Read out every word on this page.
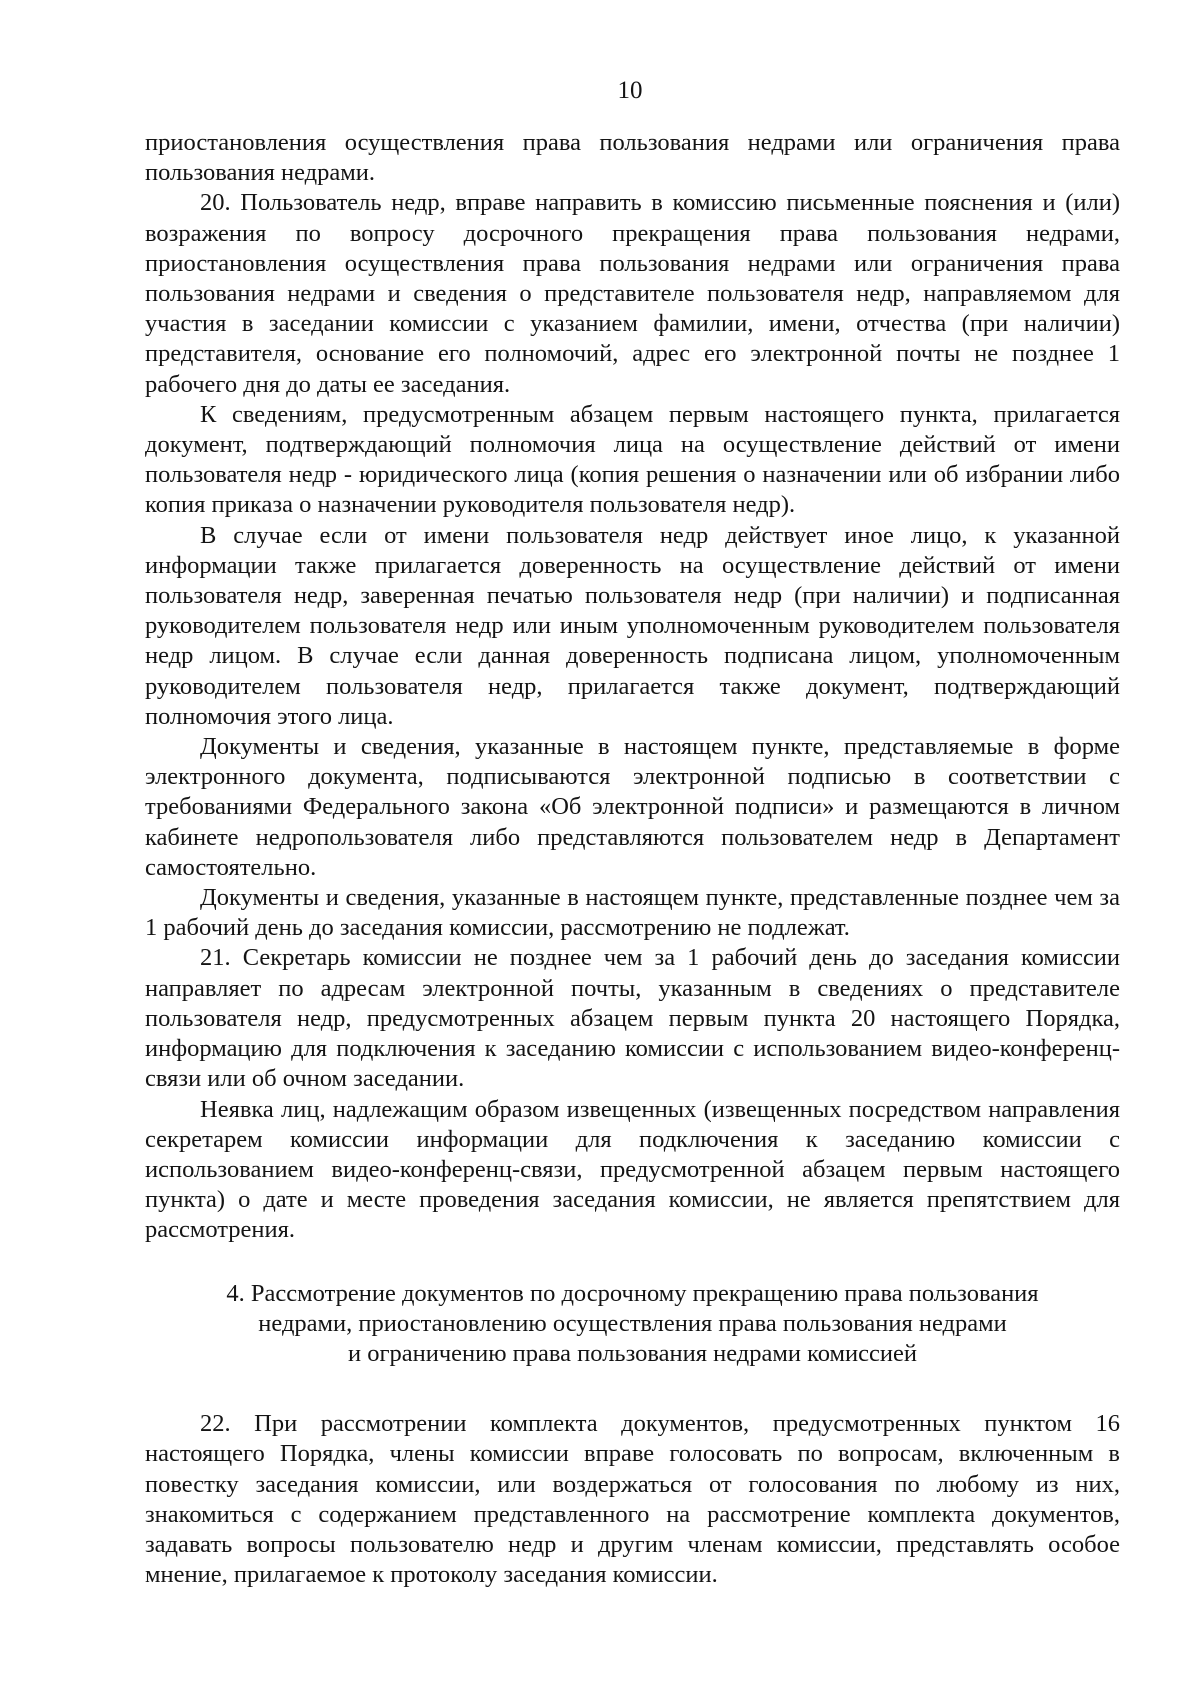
10

приостановления осуществления права пользования недрами или ограничения права пользования недрами.

20. Пользователь недр, вправе направить в комиссию письменные пояснения и (или) возражения по вопросу досрочного прекращения права пользования недрами, приостановления осуществления права пользования недрами или ограничения права пользования недрами и сведения о представителе пользователя недр, направляемом для участия в заседании комиссии с указанием фамилии, имени, отчества (при наличии) представителя, основание его полномочий, адрес его электронной почты не позднее 1 рабочего дня до даты ее заседания.

К сведениям, предусмотренным абзацем первым настоящего пункта, прилагается документ, подтверждающий полномочия лица на осуществление действий от имени пользователя недр - юридического лица (копия решения о назначении или об избрании либо копия приказа о назначении руководителя пользователя недр).

В случае если от имени пользователя недр действует иное лицо, к указанной информации также прилагается доверенность на осуществление действий от имени пользователя недр, заверенная печатью пользователя недр (при наличии) и подписанная руководителем пользователя недр или иным уполномоченным руководителем пользователя недр лицом. В случае если данная доверенность подписана лицом, уполномоченным руководителем пользователя недр, прилагается также документ, подтверждающий полномочия этого лица.

Документы и сведения, указанные в настоящем пункте, представляемые в форме электронного документа, подписываются электронной подписью в соответствии с требованиями Федерального закона «Об электронной подписи» и размещаются в личном кабинете недропользователя либо представляются пользователем недр в Департамент самостоятельно.

Документы и сведения, указанные в настоящем пункте, представленные позднее чем за 1 рабочий день до заседания комиссии, рассмотрению не подлежат.

21. Секретарь комиссии не позднее чем за 1 рабочий день до заседания комиссии направляет по адресам электронной почты, указанным в сведениях о представителе пользователя недр, предусмотренных абзацем первым пункта 20 настоящего Порядка, информацию для подключения к заседанию комиссии с использованием видео-конференц-связи или об очном заседании.

Неявка лиц, надлежащим образом извещенных (извещенных посредством направления секретарем комиссии информации для подключения к заседанию комиссии с использованием видео-конференц-связи, предусмотренной абзацем первым настоящего пункта) о дате и месте проведения заседания комиссии, не является препятствием для рассмотрения.

4. Рассмотрение документов по досрочному прекращению права пользования
недрами, приостановлению осуществления права пользования недрами
и ограничению права пользования недрами комиссией

22. При рассмотрении комплекта документов, предусмотренных пунктом 16 настоящего Порядка, члены комиссии вправе голосовать по вопросам, включенным в повестку заседания комиссии, или воздержаться от голосования по любому из них, знакомиться с содержанием представленного на рассмотрение комплекта документов, задавать вопросы пользователю недр и другим членам комиссии, представлять особое мнение, прилагаемое к протоколу заседания комиссии.
